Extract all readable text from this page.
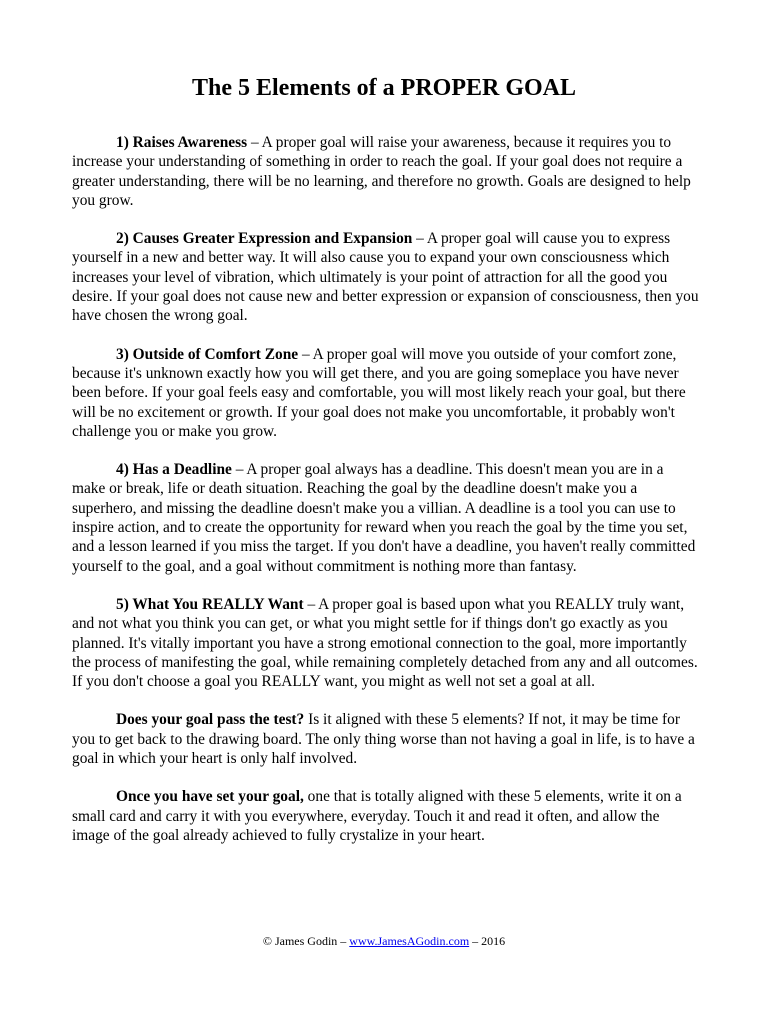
The 5 Elements of a PROPER GOAL

1) Raises Awareness – A proper goal will raise your awareness, because it requires you to increase your understanding of something in order to reach the goal. If your goal does not require a greater understanding, there will be no learning, and therefore no growth. Goals are designed to help you grow.

2) Causes Greater Expression and Expansion – A proper goal will cause you to express yourself in a new and better way. It will also cause you to expand your own consciousness which increases your level of vibration, which ultimately is your point of attraction for all the good you desire. If your goal does not cause new and better expression or expansion of consciousness, then you have chosen the wrong goal.

3) Outside of Comfort Zone – A proper goal will move you outside of your comfort zone, because it's unknown exactly how you will get there, and you are going someplace you have never been before. If your goal feels easy and comfortable, you will most likely reach your goal, but there will be no excitement or growth. If your goal does not make you uncomfortable, it probably won't challenge you or make you grow.

4) Has a Deadline – A proper goal always has a deadline. This doesn't mean you are in a make or break, life or death situation. Reaching the goal by the deadline doesn't make you a superhero, and missing the deadline doesn't make you a villian. A deadline is a tool you can use to inspire action, and to create the opportunity for reward when you reach the goal by the time you set, and a lesson learned if you miss the target. If you don't have a deadline, you haven't really committed yourself to the goal, and a goal without commitment is nothing more than fantasy.

5) What You REALLY Want – A proper goal is based upon what you REALLY truly want, and not what you think you can get, or what you might settle for if things don't go exactly as you planned. It's vitally important you have a strong emotional connection to the goal, more importantly the process of manifesting the goal, while remaining completely detached from any and all outcomes. If you don't choose a goal you REALLY want, you might as well not set a goal at all.

Does your goal pass the test? Is it aligned with these 5 elements? If not, it may be time for you to get back to the drawing board. The only thing worse than not having a goal in life, is to have a goal in which your heart is only half involved.

Once you have set your goal, one that is totally aligned with these 5 elements, write it on a small card and carry it with you everywhere, everyday. Touch it and read it often, and allow the image of the goal already achieved to fully crystalize in your heart.

© James Godin – www.JamesAGodin.com – 2016
